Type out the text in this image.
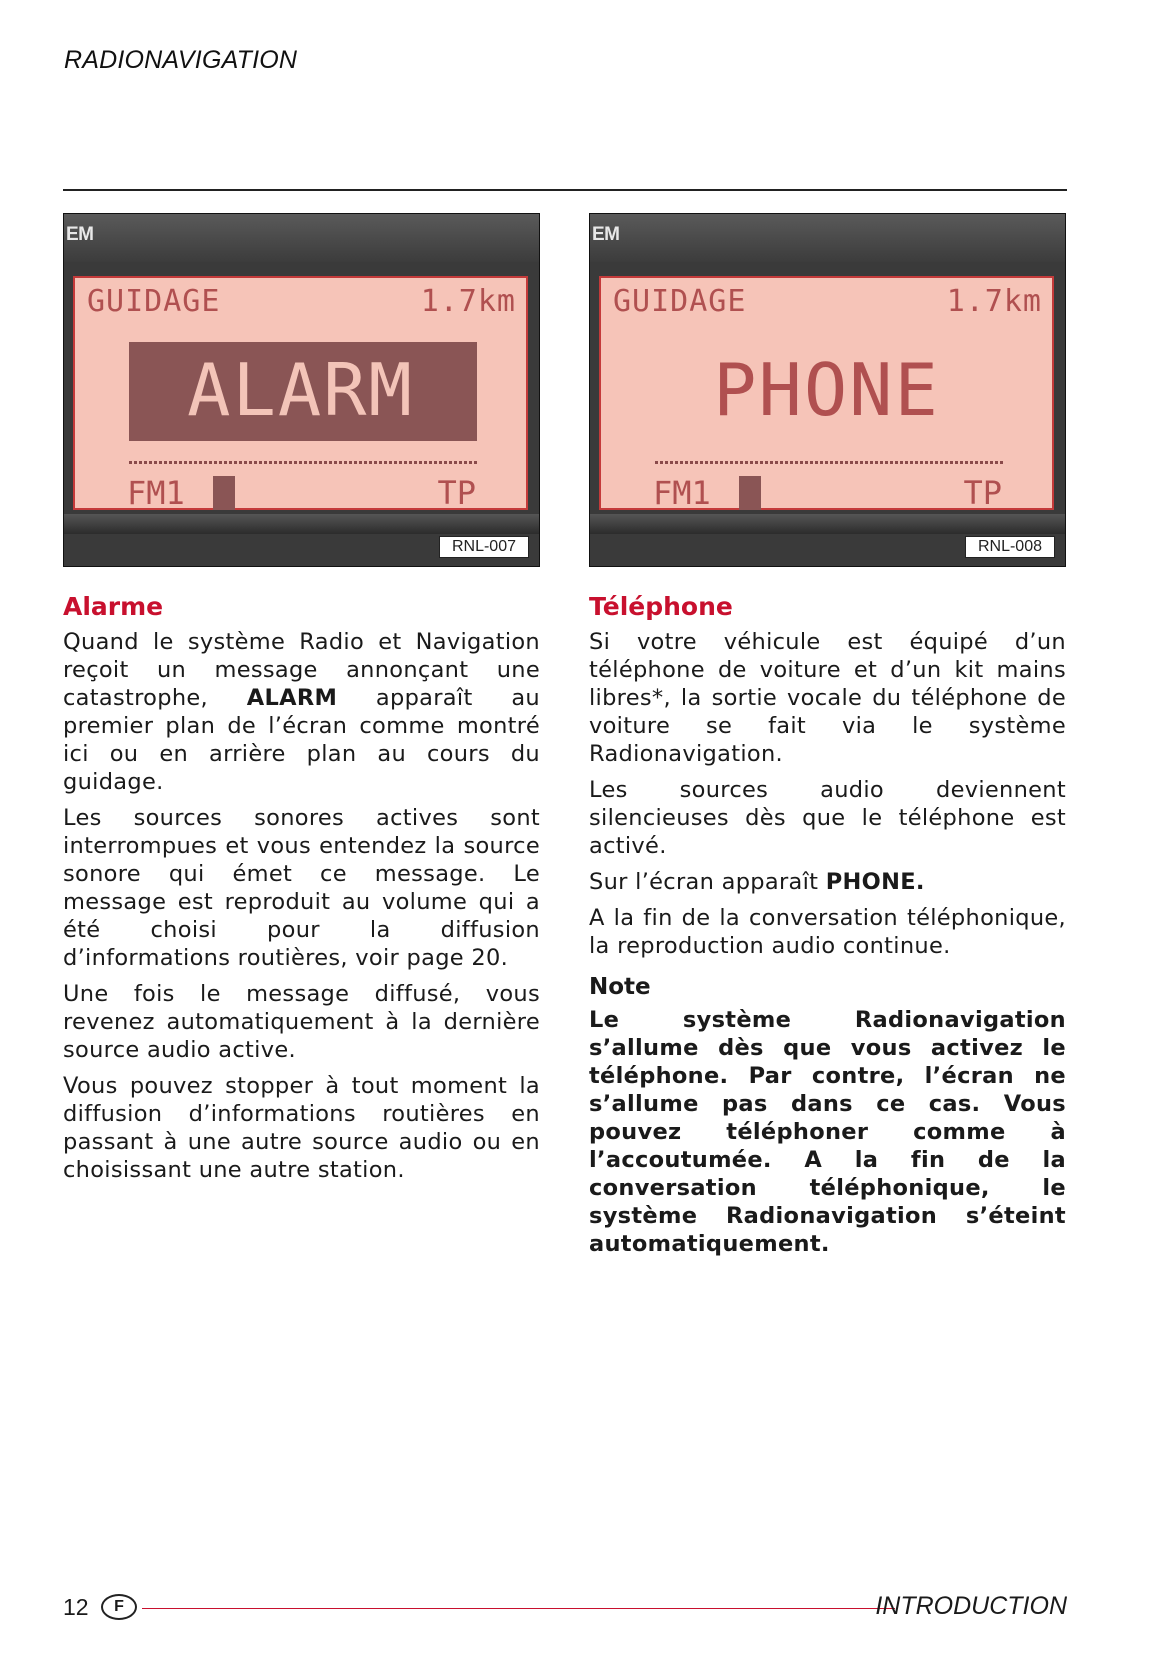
RADIONAVIGATION
EM
GUIDAGE	1.7km
ALARM
FM1	TP
RNL-007
EM
GUIDAGE	1.7km
PHONE
FM1	TP
RNL-008
Alarme

Quand le système Radio et Navigation reçoit un message annonçant une catastrophe, ALARM apparaît au premier plan de l’écran comme montré ici ou en arrière plan au cours du guidage.

Les sources sonores actives sont interrompues et vous entendez la source sonore qui émet ce message. Le message est reproduit au volume qui a été choisi pour la diffusion d’informations routières, voir page 20.

Une fois le message diffusé, vous revenez automatiquement à la dernière source audio active.

Vous pouvez stopper à tout moment la diffusion d’informations routières en passant à une autre source audio ou en choisissant une autre station.

Téléphone

Si votre véhicule est équipé d’un téléphone de voiture et d’un kit mains libres*, la sortie vocale du téléphone de voiture se fait via le système Radionavigation.

Les sources audio deviennent silencieuses dès que le téléphone est activé.

Sur l’écran apparaît PHONE.

A la fin de la conversation téléphonique, la reproduction audio continue.

Note

Le système Radionavigation s’allume dès que vous activez le téléphone. Par contre, l’écran ne s’allume pas dans ce cas. Vous pouvez téléphoner comme à l’accoutumée. A la fin de la conversation téléphonique, le système Radionavigation s’éteint automatiquement.

12	F	INTRODUCTION
